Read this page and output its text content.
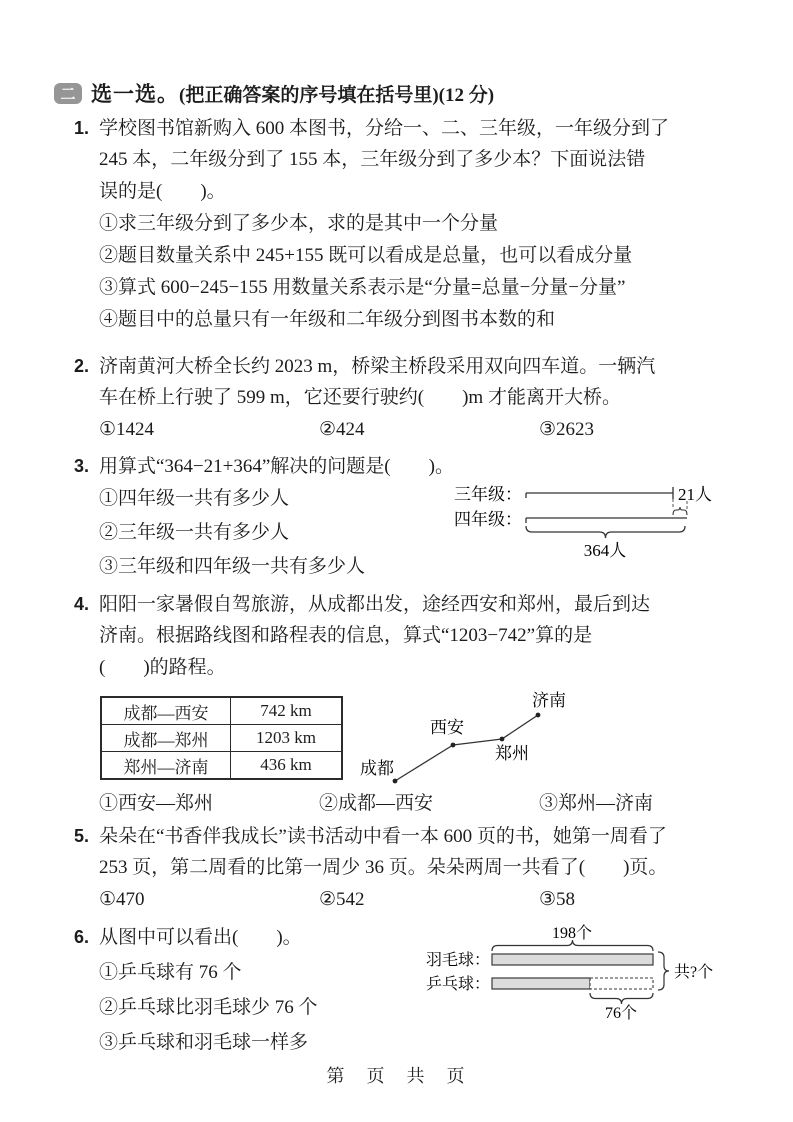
二 选一选。 (把正确答案的序号填在括号里)(12 分)
1. 学校图书馆新购入 600 本图书，分给一、二、三年级，一年级分到了
245 本，二年级分到了 155 本，三年级分到了多少本？下面说法错
误的是(　　)。
①求三年级分到了多少本，求的是其中一个分量
②题目数量关系中 245+155 既可以看成是总量，也可以看成分量
③算式 600−245−155 用数量关系表示是“分量=总量−分量−分量”
④题目中的总量只有一年级和二年级分到图书本数的和
2. 济南黄河大桥全长约 2023 m，桥梁主桥段采用双向四车道。一辆汽
车在桥上行驶了 599 m，它还要行驶约(　　)m 才能离开大桥。
①1424	②424	③2623
3. 用算式“364−21+364”解决的问题是(　　)。
①四年级一共有多少人
②三年级一共有多少人
③三年级和四年级一共有多少人
三年级：	21人
四年级：
364人
4. 阳阳一家暑假自驾旅游，从成都出发，途经西安和郑州，最后到达
济南。根据路线图和路程表的信息，算式“1203−742”算的是
(　　)的路程。
成都—西安	742 km
成都—郑州	1203 km
郑州—济南	436 km	成都
西安
郑州
济南
①西安—郑州	②成都—西安	③郑州—济南
5. 朵朵在“书香伴我成长”读书活动中看一本 600 页的书，她第一周看了
253 页，第二周看的比第一周少 36 页。朵朵两周一共看了(　　)页。
①470	②542	③58
6. 从图中可以看出(　　)。
①乒乓球有 76 个
②乒乓球比羽毛球少 76 个
③乒乓球和羽毛球一样多
198个
羽毛球：
乒乓球：
共?个
76个
第　页　共　页
